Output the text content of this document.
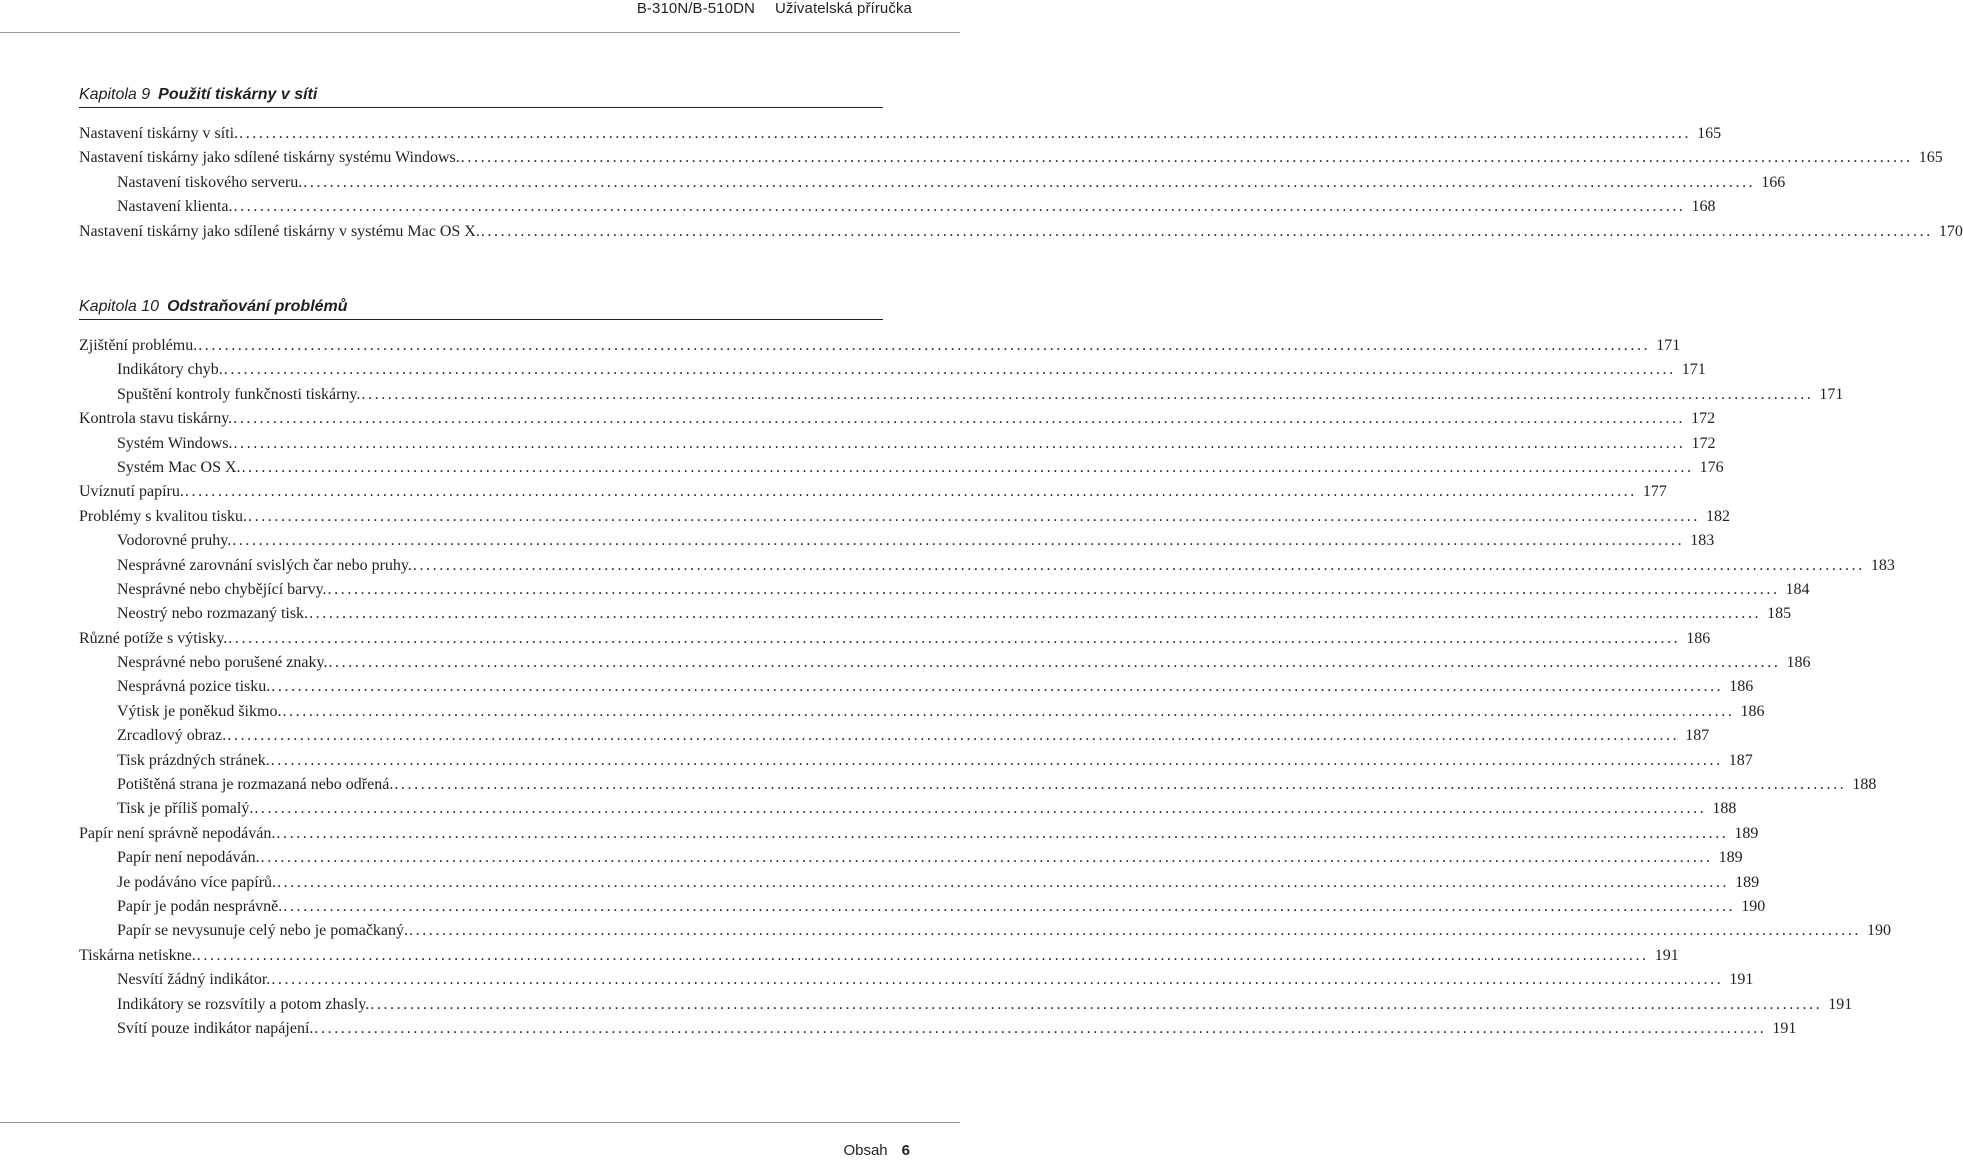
B-310N/B-510DN Uživatelská příručka
Kapitola 9 Použití tiskárny v síti
Nastavení tiskárny v síti. ............................................................................................................................................................................................................................ 165
Nastavení tiskárny jako sdílené tiskárny systému Windows. ............................................................................................................................................................................................................................ 165
Nastavení tiskového serveru. ............................................................................................................................................................................................................................ 166
Nastavení klienta. ............................................................................................................................................................................................................................ 168
Nastavení tiskárny jako sdílené tiskárny v systému Mac OS X. ............................................................................................................................................................................................................................ 170
Kapitola 10 Odstraňování problémů
Zjištění problému. ............................................................................................................................................................................................................................ 171
Indikátory chyb. ............................................................................................................................................................................................................................ 171
Spuštění kontroly funkčnosti tiskárny. ............................................................................................................................................................................................................................ 171
Kontrola stavu tiskárny. ............................................................................................................................................................................................................................ 172
Systém Windows. ............................................................................................................................................................................................................................ 172
Systém Mac OS X. ............................................................................................................................................................................................................................ 176
Uvíznutí papíru. ............................................................................................................................................................................................................................ 177
Problémy s kvalitou tisku. ............................................................................................................................................................................................................................ 182
Vodorovné pruhy. ............................................................................................................................................................................................................................ 183
Nesprávné zarovnání svislých čar nebo pruhy. ............................................................................................................................................................................................................................ 183
Nesprávné nebo chybějící barvy. ............................................................................................................................................................................................................................ 184
Neostrý nebo rozmazaný tisk. ............................................................................................................................................................................................................................ 185
Různé potíže s výtisky. ............................................................................................................................................................................................................................ 186
Nesprávné nebo porušené znaky. ............................................................................................................................................................................................................................ 186
Nesprávná pozice tisku. ............................................................................................................................................................................................................................ 186
Výtisk je poněkud šikmo. ............................................................................................................................................................................................................................ 186
Zrcadlový obraz. ............................................................................................................................................................................................................................ 187
Tisk prázdných stránek. ............................................................................................................................................................................................................................ 187
Potištěná strana je rozmazaná nebo odřená. ............................................................................................................................................................................................................................ 188
Tisk je příliš pomalý. ............................................................................................................................................................................................................................ 188
Papír není správně nepodáván. ............................................................................................................................................................................................................................ 189
Papír není nepodáván. ............................................................................................................................................................................................................................ 189
Je podáváno více papírů. ............................................................................................................................................................................................................................ 189
Papír je podán nesprávně. ............................................................................................................................................................................................................................ 190
Papír se nevysunuje celý nebo je pomačkaný. ............................................................................................................................................................................................................................ 190
Tiskárna netiskne. ............................................................................................................................................................................................................................ 191
Nesvítí žádný indikátor. ............................................................................................................................................................................................................................ 191
Indikátory se rozsvítily a potom zhasly. ............................................................................................................................................................................................................................ 191
Svítí pouze indikátor napájení. ............................................................................................................................................................................................................................ 191
Obsah 6
